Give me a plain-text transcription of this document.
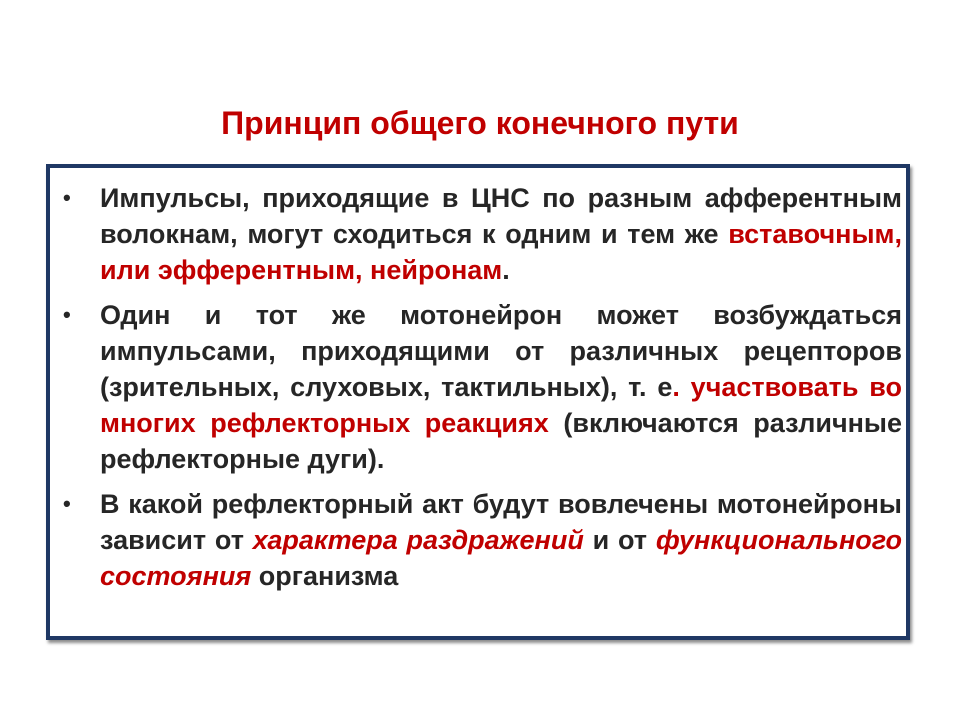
Принцип общего конечного пути
• Импульсы, приходящие в ЦНС по разным афферентным волокнам, могут сходиться к одним и тем же вставочным, или эфферентным, нейронам.
• Один и тот же мотонейрон может возбуждаться импульсами, приходящими от различных рецепторов (зрительных, слуховых, тактильных), т. е. участвовать во многих рефлекторных реакциях (включаются различные рефлекторные дуги).
• В какой рефлекторный акт будут вовлечены мотонейроны зависит от характера раздражений и от функционального состояния организма
